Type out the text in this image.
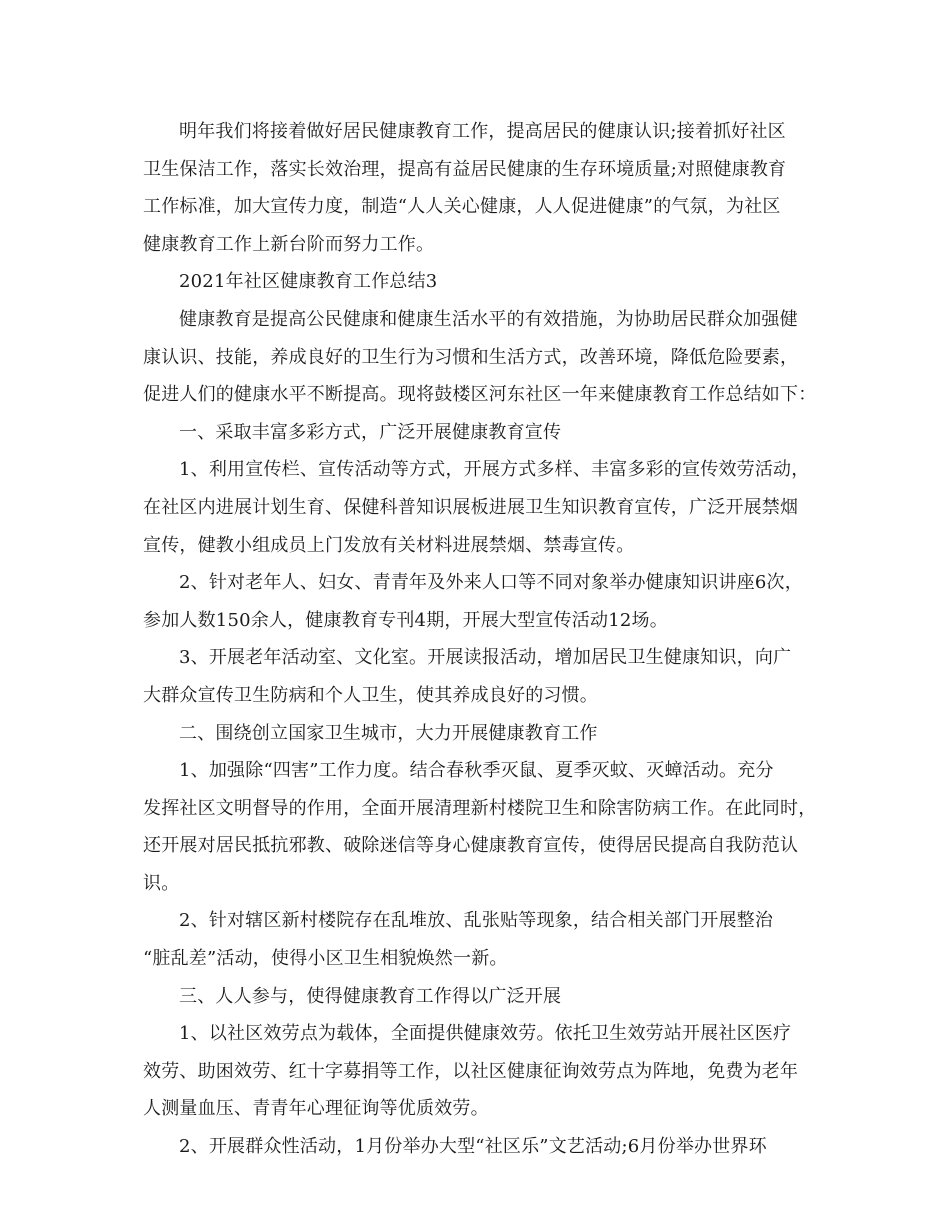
明年我们将接着做好居民健康教育工作，提高居民的健康认识;接着抓好社区
卫生保洁工作，落实长效治理，提高有益居民健康的生存环境质量;对照健康教育
工作标准，加大宣传力度，制造“人人关心健康，人人促进健康”的气氛，为社区
健康教育工作上新台阶而努力工作。

2021年社区健康教育工作总结3

健康教育是提高公民健康和健康生活水平的有效措施，为协助居民群众加强健
康认识、技能，养成良好的卫生行为习惯和生活方式，改善环境，降低危险要素，
促进人们的健康水平不断提高。现将鼓楼区河东社区一年来健康教育工作总结如下：

一、采取丰富多彩方式，广泛开展健康教育宣传

1、利用宣传栏、宣传活动等方式，开展方式多样、丰富多彩的宣传效劳活动，
在社区内进展计划生育、保健科普知识展板进展卫生知识教育宣传，广泛开展禁烟
宣传，健教小组成员上门发放有关材料进展禁烟、禁毒宣传。

2、针对老年人、妇女、青青年及外来人口等不同对象举办健康知识讲座6次，
参加人数150余人，健康教育专刊4期，开展大型宣传活动12场。

3、开展老年活动室、文化室。开展读报活动，增加居民卫生健康知识，向广
大群众宣传卫生防病和个人卫生，使其养成良好的习惯。

二、围绕创立国家卫生城市，大力开展健康教育工作

1、加强除“四害”工作力度。结合春秋季灭鼠、夏季灭蚊、灭蟑活动。充分
发挥社区文明督导的作用，全面开展清理新村楼院卫生和除害防病工作。在此同时，
还开展对居民抵抗邪教、破除迷信等身心健康教育宣传，使得居民提高自我防范认
识。

2、针对辖区新村楼院存在乱堆放、乱张贴等现象，结合相关部门开展整治
“脏乱差”活动，使得小区卫生相貌焕然一新。

三、人人参与，使得健康教育工作得以广泛开展

1、以社区效劳点为载体，全面提供健康效劳。依托卫生效劳站开展社区医疗
效劳、助困效劳、红十字募捐等工作，以社区健康征询效劳点为阵地，免费为老年
人测量血压、青青年心理征询等优质效劳。

2、开展群众性活动，1月份举办大型“社区乐”文艺活动;6月份举办世界环
